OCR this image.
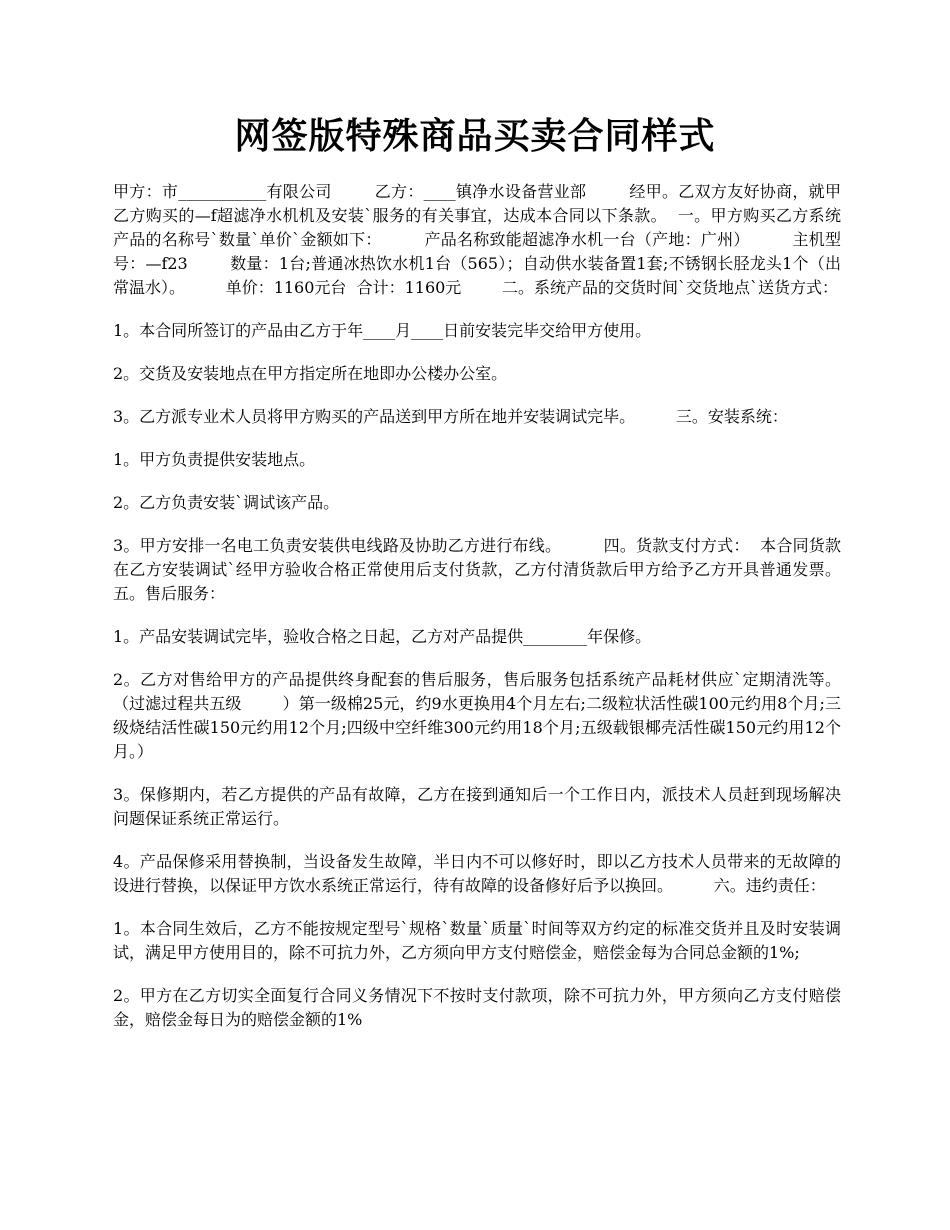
网签版特殊商品买卖合同样式

甲方：市___________有限公司        乙方：____镇净水设备营业部        经甲。乙双方友好协商，就甲乙方购买的—f超滤净水机机及安装`服务的有关事宜，达成本合同以下条款。  一。甲方购买乙方系统产品的名称号`数量`单价`金额如下：        产品名称致能超滤净水机一台（产地：广州）        主机型号：—f23        数量：1台;普通冰热饮水机1台（565）；自动供水装备置1套;不锈钢长胫龙头1个（出常温水）。        单价：1160元台  合计：1160元        二。系统产品的交货时间`交货地点`送货方式：

1。本合同所签订的产品由乙方于年____月____日前安装完毕交给甲方使用。

2。交货及安装地点在甲方指定所在地即办公楼办公室。

3。乙方派专业术人员将甲方购买的产品送到甲方所在地并安装调试完毕。        三。安装系统：

1。甲方负责提供安装地点。

2。乙方负责安装`调试该产品。

3。甲方安排一名电工负责安装供电线路及协助乙方进行布线。        四。货款支付方式：  本合同货款在乙方安装调试`经甲方验收合格正常使用后支付货款，乙方付清货款后甲方给予乙方开具普通发票。        五。售后服务：

1。产品安装调试完毕，验收合格之日起，乙方对产品提供________年保修。

2。乙方对售给甲方的产品提供终身配套的售后服务，售后服务包括系统产品耗材供应`定期清洗等。（过滤过程共五级        ）第一级棉25元，约9水更换用4个月左右;二级粒状活性碳100元约用8个月;三级烧结活性碳150元约用12个月;四级中空纤维300元约用18个月;五级载银椰壳活性碳150元约用12个月。）

3。保修期内，若乙方提供的产品有故障，乙方在接到通知后一个工作日内，派技术人员赶到现场解决问题保证系统正常运行。

4。产品保修采用替换制，当设备发生故障，半日内不可以修好时，即以乙方技术人员带来的无故障的设进行替换，以保证甲方饮水系统正常运行，待有故障的设备修好后予以换回。        六。违约责任：

1。本合同生效后，乙方不能按规定型号`规格`数量`质量`时间等双方约定的标准交货并且及时安装调试，满足甲方使用目的，除不可抗力外，乙方须向甲方支付赔偿金，赔偿金每为合同总金额的1%;

2。甲方在乙方切实全面复行合同义务情况下不按时支付款项，除不可抗力外，甲方须向乙方支付赔偿金，赔偿金每日为的赔偿金额的1%
